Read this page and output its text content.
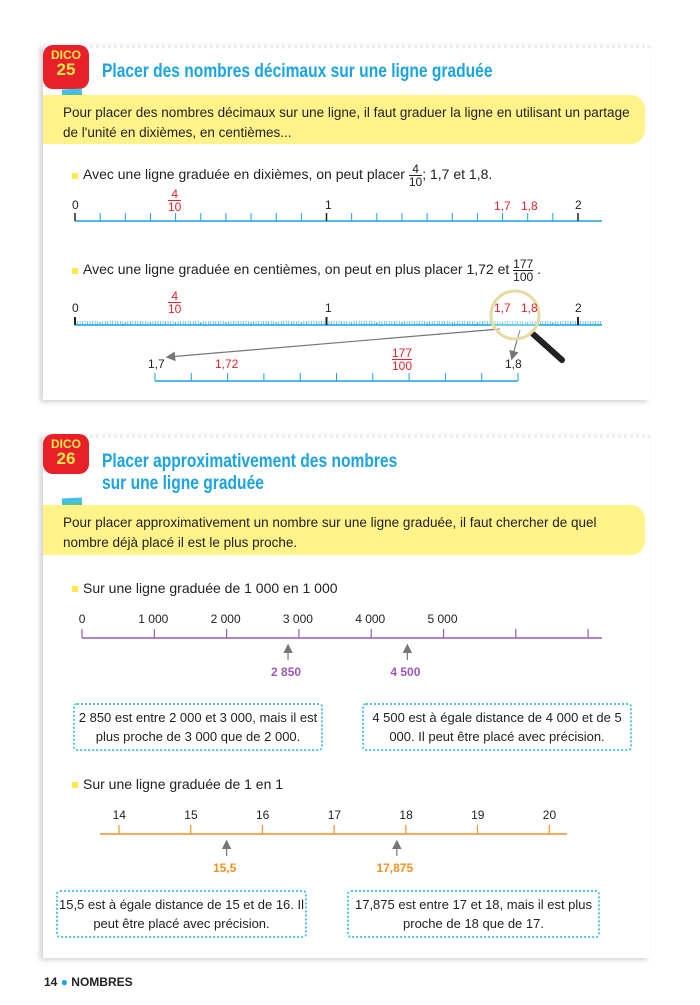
DICO
25	Placer des nombres décimaux sur une ligne graduée
Pour placer des nombres décimaux sur une ligne, il faut graduer la ligne en utilisant un partage de l'unité en dixièmes, en centièmes...
Avec une ligne graduée en dixièmes, on peut placer $\frac{4}{10}$ ; 1,7 et 1,8.
Avec une ligne graduée en centièmes, on peut en plus placer 1,72 et $\frac{177}{100}$ .
0	1	2
$\frac{4}{10}$	1,7 1,8
0	1	2
$\frac{4}{10}$	1,7 1,8
1,7	1,72	$\frac{177}{100}$	1,8
DICO
26	Placer approximativement des nombres
sur une ligne graduée
Pour placer approximativement un nombre sur une ligne graduée, il faut chercher de quel nombre déjà placé il est le plus proche.
Sur une ligne graduée de 1 000 en 1 000
0	1 000	2 000	3 000	4 000	5 000
2 850	4 500
14	15	16	17	18	19	20
15,5	17,875
2 850 est entre 2 000 et 3 000, mais il est plus proche de 3 000 que de 2 000.
4 500 est à égale distance de 4 000 et de 5 000. Il peut être placé avec précision.
Sur une ligne graduée de 1 en 1
15,5 est à égale distance de 15 et de 16. Il peut être placé avec précision.
17,875 est entre 17 et 18, mais il est plus proche de 18 que de 17.
14 ● NOMBRES
